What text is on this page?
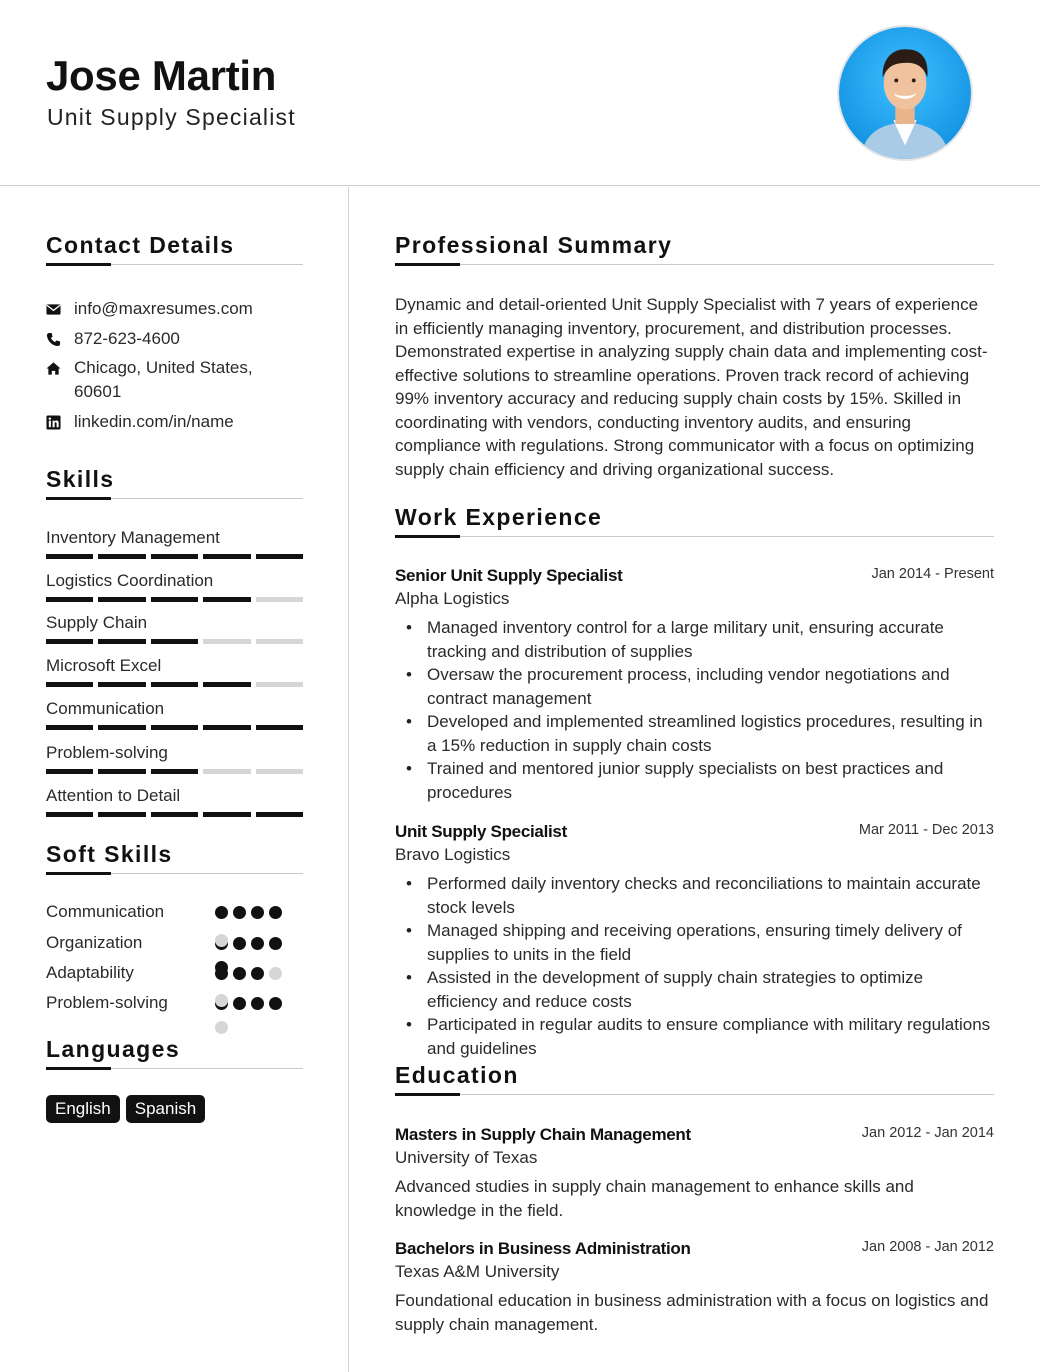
Jose Martin
Unit Supply Specialist
Contact Details
info@maxresumes.com
872-623-4600
Chicago, United States,
60601
linkedin.com/in/name
Skills
Inventory Management
Logistics Coordination
Supply Chain
Microsoft Excel
Communication
Problem-solving
Attention to Detail
Soft Skills
Communication
Organization
Adaptability
Problem-solving
Languages
English	Spanish
Professional Summary
Dynamic and detail-oriented Unit Supply Specialist with 7 years of experience in efficiently managing inventory, procurement, and distribution processes. Demonstrated expertise in analyzing supply chain data and implementing cost-effective solutions to streamline operations. Proven track record of achieving 99% inventory accuracy and reducing supply chain costs by 15%. Skilled in coordinating with vendors, conducting inventory audits, and ensuring compliance with regulations. Strong communicator with a focus on optimizing supply chain efficiency and driving organizational success.
Work Experience
Senior Unit Supply Specialist	Jan 2014 - Present
Alpha Logistics
• Managed inventory control for a large military unit, ensuring accurate tracking and distribution of supplies
• Oversaw the procurement process, including vendor negotiations and contract management
• Developed and implemented streamlined logistics procedures, resulting in a 15% reduction in supply chain costs
• Trained and mentored junior supply specialists on best practices and procedures
Unit Supply Specialist	Mar 2011 - Dec 2013
Bravo Logistics
• Performed daily inventory checks and reconciliations to maintain accurate stock levels
• Managed shipping and receiving operations, ensuring timely delivery of supplies to units in the field
• Assisted in the development of supply chain strategies to optimize efficiency and reduce costs
• Participated in regular audits to ensure compliance with military regulations and guidelines
Education
Masters in Supply Chain Management	Jan 2012 - Jan 2014
University of Texas
Advanced studies in supply chain management to enhance skills and knowledge in the field.
Bachelors in Business Administration	Jan 2008 - Jan 2012
Texas A&M University
Foundational education in business administration with a focus on logistics and supply chain management.
